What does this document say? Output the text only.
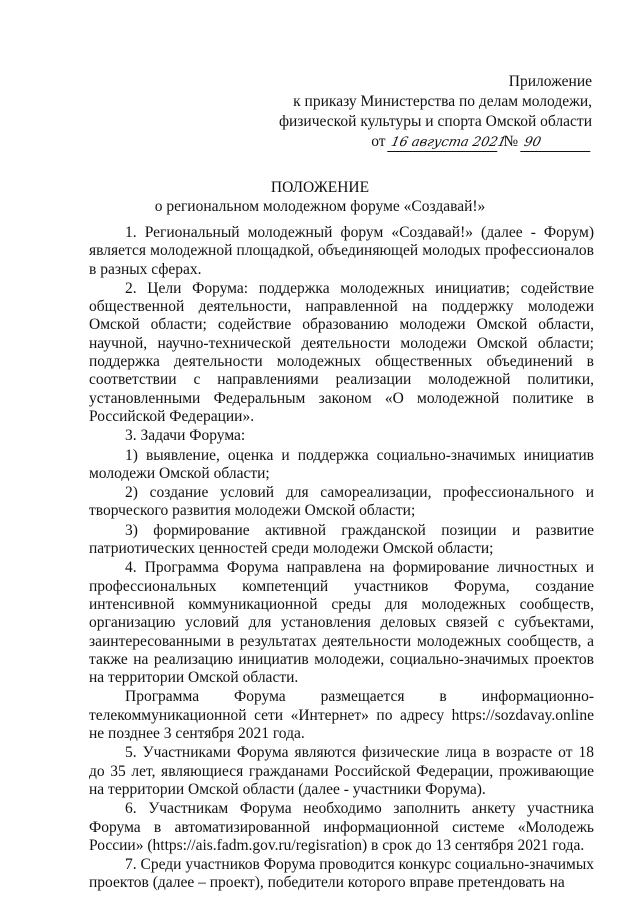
Приложение
к приказу Министерства по делам молодежи,
физической культуры и спорта Омской области
от 16 августа 2021 № 90
ПОЛОЖЕНИЕ
о региональном молодежном форуме «Создавай!»

1. Региональный молодежный форум «Создавай!» (далее - Форум) является молодежной площадкой, объединяющей молодых профессионалов в разных сферах.

2. Цели Форума: поддержка молодежных инициатив; содействие общественной деятельности, направленной на поддержку молодежи Омской области; содействие образованию молодежи Омской области, научной, научно-технической деятельности молодежи Омской области; поддержка деятельности молодежных общественных объединений в соответствии с направлениями реализации молодежной политики, установленными Федеральным законом «О молодежной политике в Российской Федерации».

3. Задачи Форума:

1) выявление, оценка и поддержка социально-значимых инициатив молодежи Омской области;

2) создание условий для самореализации, профессионального и творческого развития молодежи Омской области;

3) формирование активной гражданской позиции и развитие патриотических ценностей среди молодежи Омской области;

4. Программа Форума направлена на формирование личностных и профессиональных компетенций участников Форума, создание интенсивной коммуникационной среды для молодежных сообществ, организацию условий для установления деловых связей с субъектами, заинтересованными в результатах деятельности молодежных сообществ, а также на реализацию инициатив молодежи, социально-значимых проектов на территории Омской области.

Программа Форума размещается в информационно-телекоммуникационной сети «Интернет» по адресу https://sozdavay.online не позднее 3 сентября 2021 года.

5. Участниками Форума являются физические лица в возрасте от 18 до 35 лет, являющиеся гражданами Российской Федерации, проживающие на территории Омской области (далее - участники Форума).

6. Участникам Форума необходимо заполнить анкету участника Форума в автоматизированной информационной системе «Молодежь России» (https://ais.fadm.gov.ru/regisration) в срок до 13 сентября 2021 года.

7. Среди участников Форума проводится конкурс социально-значимых проектов (далее – проект), победители которого вправе претендовать на
